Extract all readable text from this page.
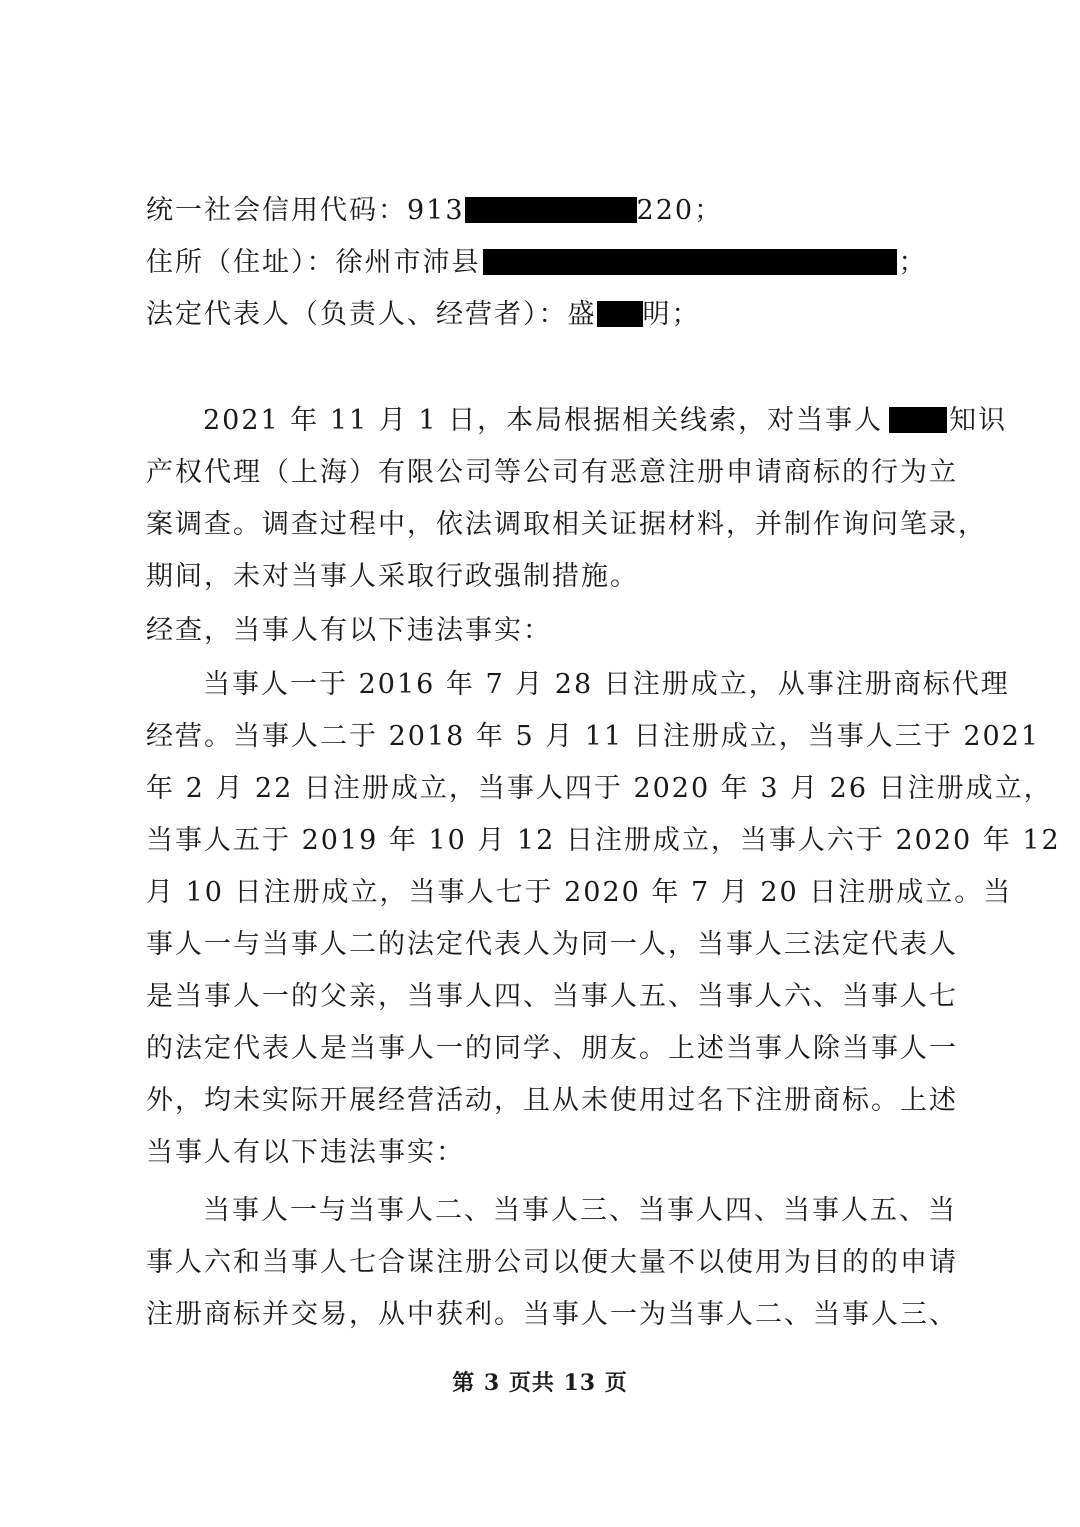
统一社会信用代码：913	220；
住所（住址）：徐州市沛县	；
法定代表人（负责人、经营者）：盛 明；
2021 年 11 月 1 日，本局根据相关线索，对当事人 知识
产权代理（上海）有限公司等公司有恶意注册申请商标的行为立
案调查。调查过程中，依法调取相关证据材料，并制作询问笔录，
期间，未对当事人采取行政强制措施。
经查，当事人有以下违法事实：
当事人一于 2016 年 7 月 28 日注册成立，从事注册商标代理
经营。当事人二于 2018 年 5 月 11 日注册成立，当事人三于 2021
年 2 月 22 日注册成立，当事人四于 2020 年 3 月 26 日注册成立，
当事人五于 2019 年 10 月 12 日注册成立，当事人六于 2020 年 12
月 10 日注册成立，当事人七于 2020 年 7 月 20 日注册成立。当
事人一与当事人二的法定代表人为同一人，当事人三法定代表人
是当事人一的父亲，当事人四、当事人五、当事人六、当事人七
的法定代表人是当事人一的同学、朋友。上述当事人除当事人一
外，均未实际开展经营活动，且从未使用过名下注册商标。上述
当事人有以下违法事实：
当事人一与当事人二、当事人三、当事人四、当事人五、当
事人六和当事人七合谋注册公司以便大量不以使用为目的的申请
注册商标并交易，从中获利。当事人一为当事人二、当事人三、
第 3 页共 13 页
